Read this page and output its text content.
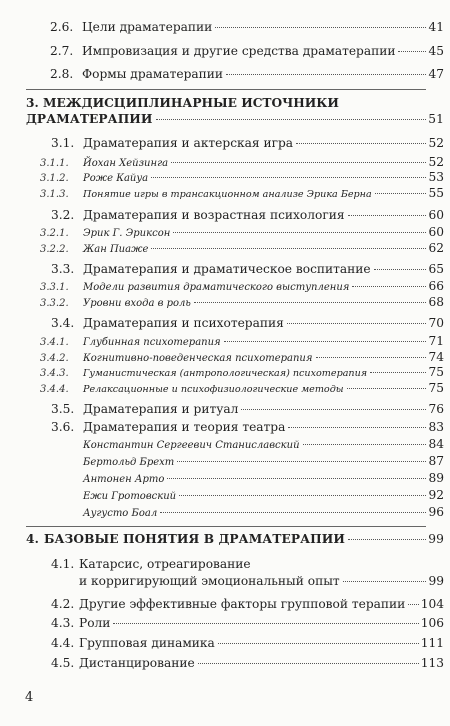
2.6. Цели драматерапии	41
2.7. Импровизация и другие средства драматерапии	45
2.8. Формы драматерапии	47
3. МЕЖДИСЦИПЛИНАРНЫЕ ИСТОЧНИКИ
ДРАМАТЕРАПИИ	51
3.1. Драматерапия и актерская игра	52
3.1.1.	Йохан Хейзинга	52
3.1.2.	Роже Кайуа	53
3.1.3.	Понятие игры в трансакционном анализе Эрика Берна	55
3.2. Драматерапия и возрастная психология	60
3.2.1.	Эрик Г. Эриксон	60
3.2.2.	Жан Пиаже	62
3.3. Драматерапия и драматическое воспитание	65
3.3.1.	Модели развития драматического выступления	66
3.3.2.	Уровни входа в роль	68
3.4. Драматерапия и психотерапия	70
3.4.1.	Глубинная психотерапия	71
3.4.2.	Когнитивно-поведенческая психотерапия	74
3.4.3.	Гуманистическая (антропологическая) психотерапия	75
3.4.4.	Релаксационные и психофизиологические методы	75
3.5. Драматерапия и ритуал	76
3.6. Драматерапия и теория театра	83
Константин Сергеевич Станиславский	84
Бертольд Брехт	87
Антонен Арто	89
Ежи Гротовский	92
Аугусто Боал	96
4. БАЗОВЫЕ ПОНЯТИЯ В ДРАМАТЕРАПИИ	99
4.1. Катарсис, отреагирование
и корригирующий эмоциональный опыт	99
4.2. Другие эффективные факторы групповой терапии 104
4.3. Роли	106
4.4. Групповая динамика	111
4.5. Дистанцирование	113
4
